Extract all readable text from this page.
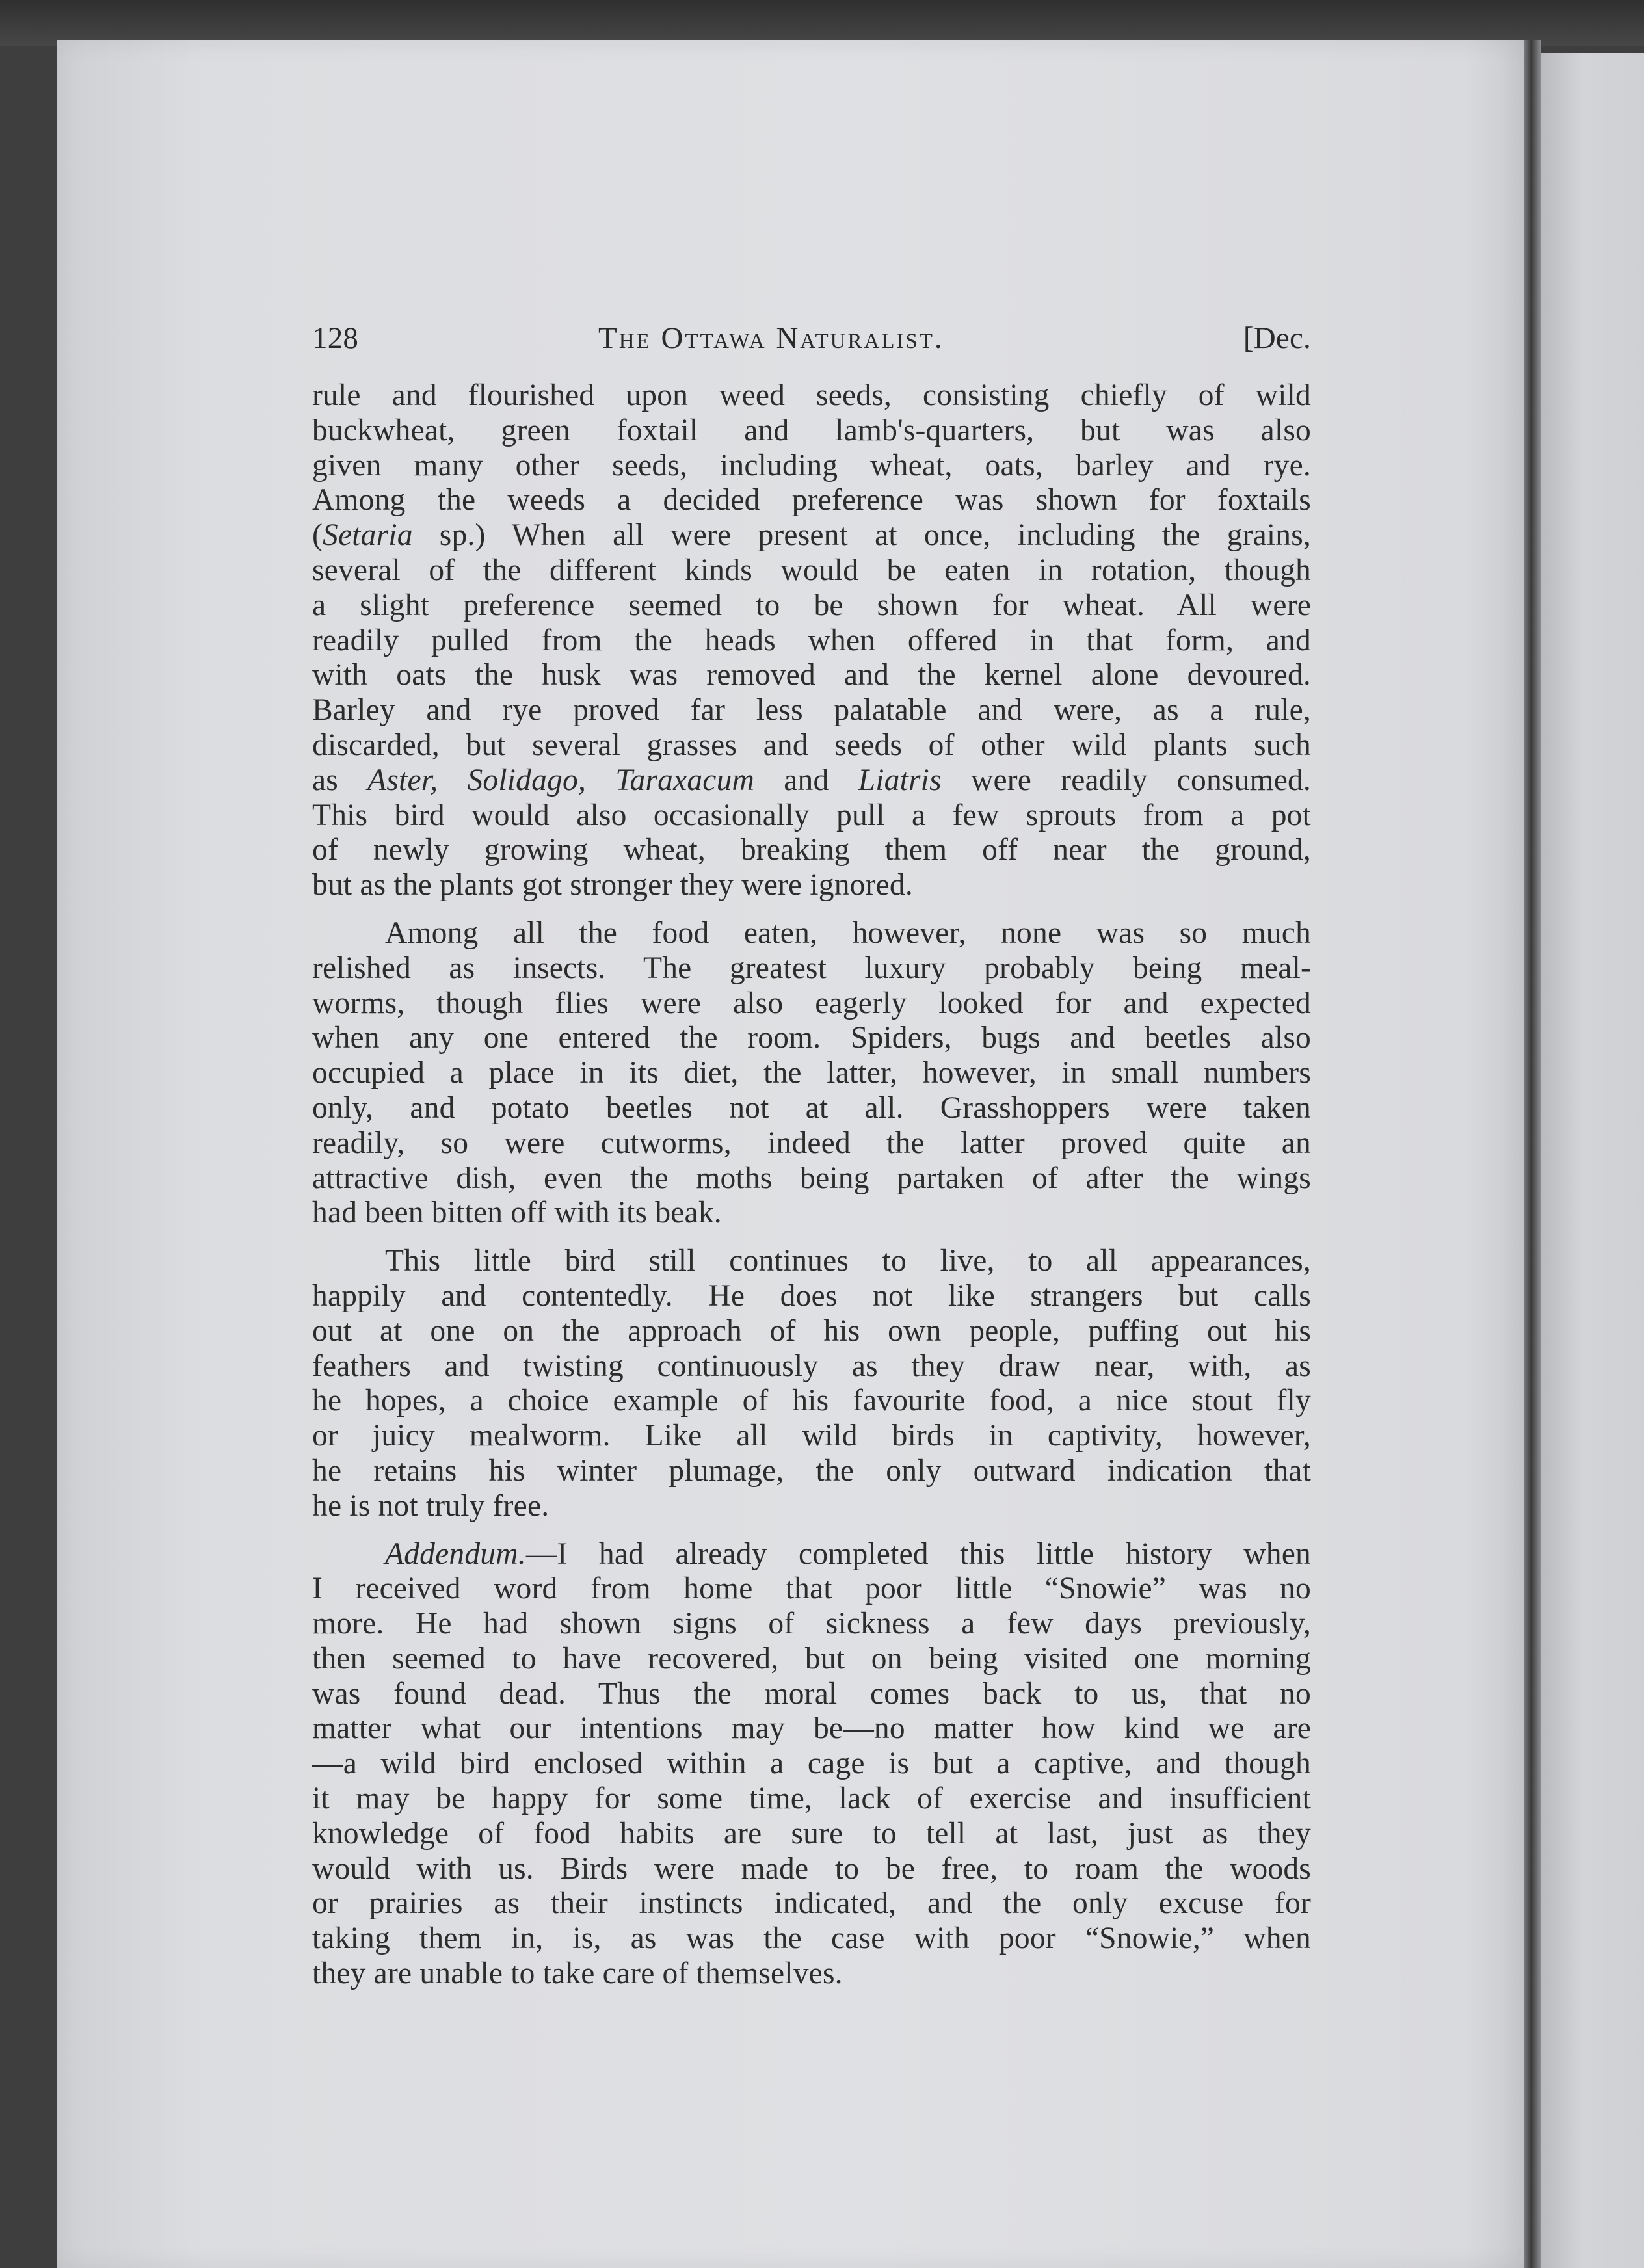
128	The Ottawa Naturalist.	[Dec.
rule and flourished upon weed seeds, consisting chiefly of wild
buckwheat, green foxtail and lamb's-quarters, but was also
given many other seeds, including wheat, oats, barley and rye.
Among the weeds a decided preference was shown for foxtails
(Setaria sp.) When all were present at once, including the grains,
several of the different kinds would be eaten in rotation, though
a slight preference seemed to be shown for wheat. All were
readily pulled from the heads when offered in that form, and
with oats the husk was removed and the kernel alone devoured.
Barley and rye proved far less palatable and were, as a rule,
discarded, but several grasses and seeds of other wild plants such
as Aster, Solidago, Taraxacum and Liatris were readily consumed.
This bird would also occasionally pull a few sprouts from a pot
of newly growing wheat, breaking them off near the ground,
but as the plants got stronger they were ignored.
Among all the food eaten, however, none was so much
relished as insects. The greatest luxury probably being meal-
worms, though flies were also eagerly looked for and expected
when any one entered the room. Spiders, bugs and beetles also
occupied a place in its diet, the latter, however, in small numbers
only, and potato beetles not at all. Grasshoppers were taken
readily, so were cutworms, indeed the latter proved quite an
attractive dish, even the moths being partaken of after the wings
had been bitten off with its beak.
This little bird still continues to live, to all appearances,
happily and contentedly. He does not like strangers but calls
out at one on the approach of his own people, puffing out his
feathers and twisting continuously as they draw near, with, as
he hopes, a choice example of his favourite food, a nice stout fly
or juicy mealworm. Like all wild birds in captivity, however,
he retains his winter plumage, the only outward indication that
he is not truly free.
Addendum.—I had already completed this little history when
I received word from home that poor little “Snowie” was no
more. He had shown signs of sickness a few days previously,
then seemed to have recovered, but on being visited one morning
was found dead. Thus the moral comes back to us, that no
matter what our intentions may be—no matter how kind we are
—a wild bird enclosed within a cage is but a captive, and though
it may be happy for some time, lack of exercise and insufficient
knowledge of food habits are sure to tell at last, just as they
would with us. Birds were made to be free, to roam the woods
or prairies as their instincts indicated, and the only excuse for
taking them in, is, as was the case with poor “Snowie,” when
they are unable to take care of themselves.
